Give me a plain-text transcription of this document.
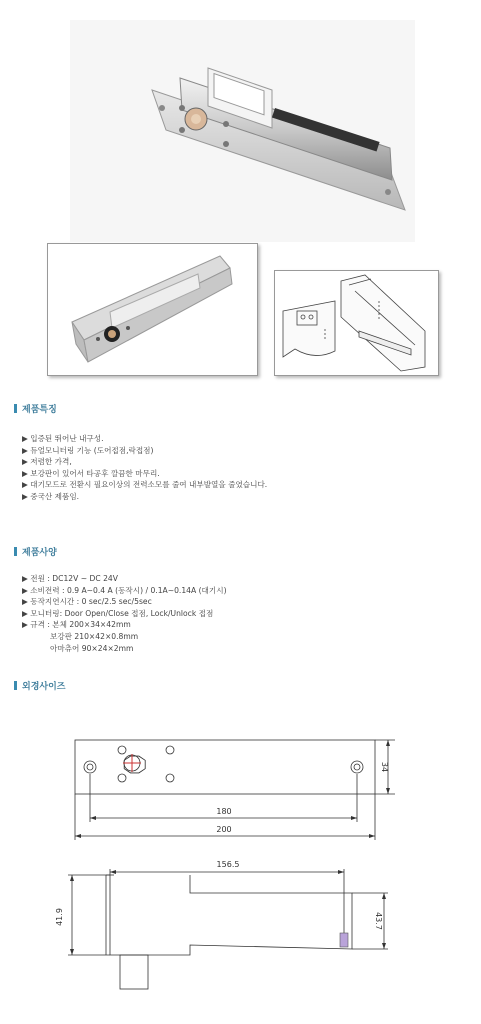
제품특징
▶ 입증된 뛰어난 내구성.
▶ 듀얼모니터링 기능 (도어접점,락접점)
▶ 저렴한 가격,
▶ 보강판이 있어서 타공후 깔끔한 마무리.
▶ 대기모드로 전환시 필요이상의 전력소모를 줄여 내부발열을 줄였습니다.
▶ 중국산 제품임.
제품사양
▶ 전원 : DC12V ~ DC 24V
▶ 소비전력 : 0.9 A~0.4 A (동작시) / 0.1A~0.14A (대기시)
▶ 동작지연시간 : 0 sec/2.5 sec/5sec
▶ 모니터링: Door Open/Close 접점, Lock/Unlock 접점
▶ 규격 : 본체 200×34×42mm
보강판 210×42×0.8mm
아마츄어 90×24×2mm
외경사이즈
180
200
34
156.5
41.9	43.7
